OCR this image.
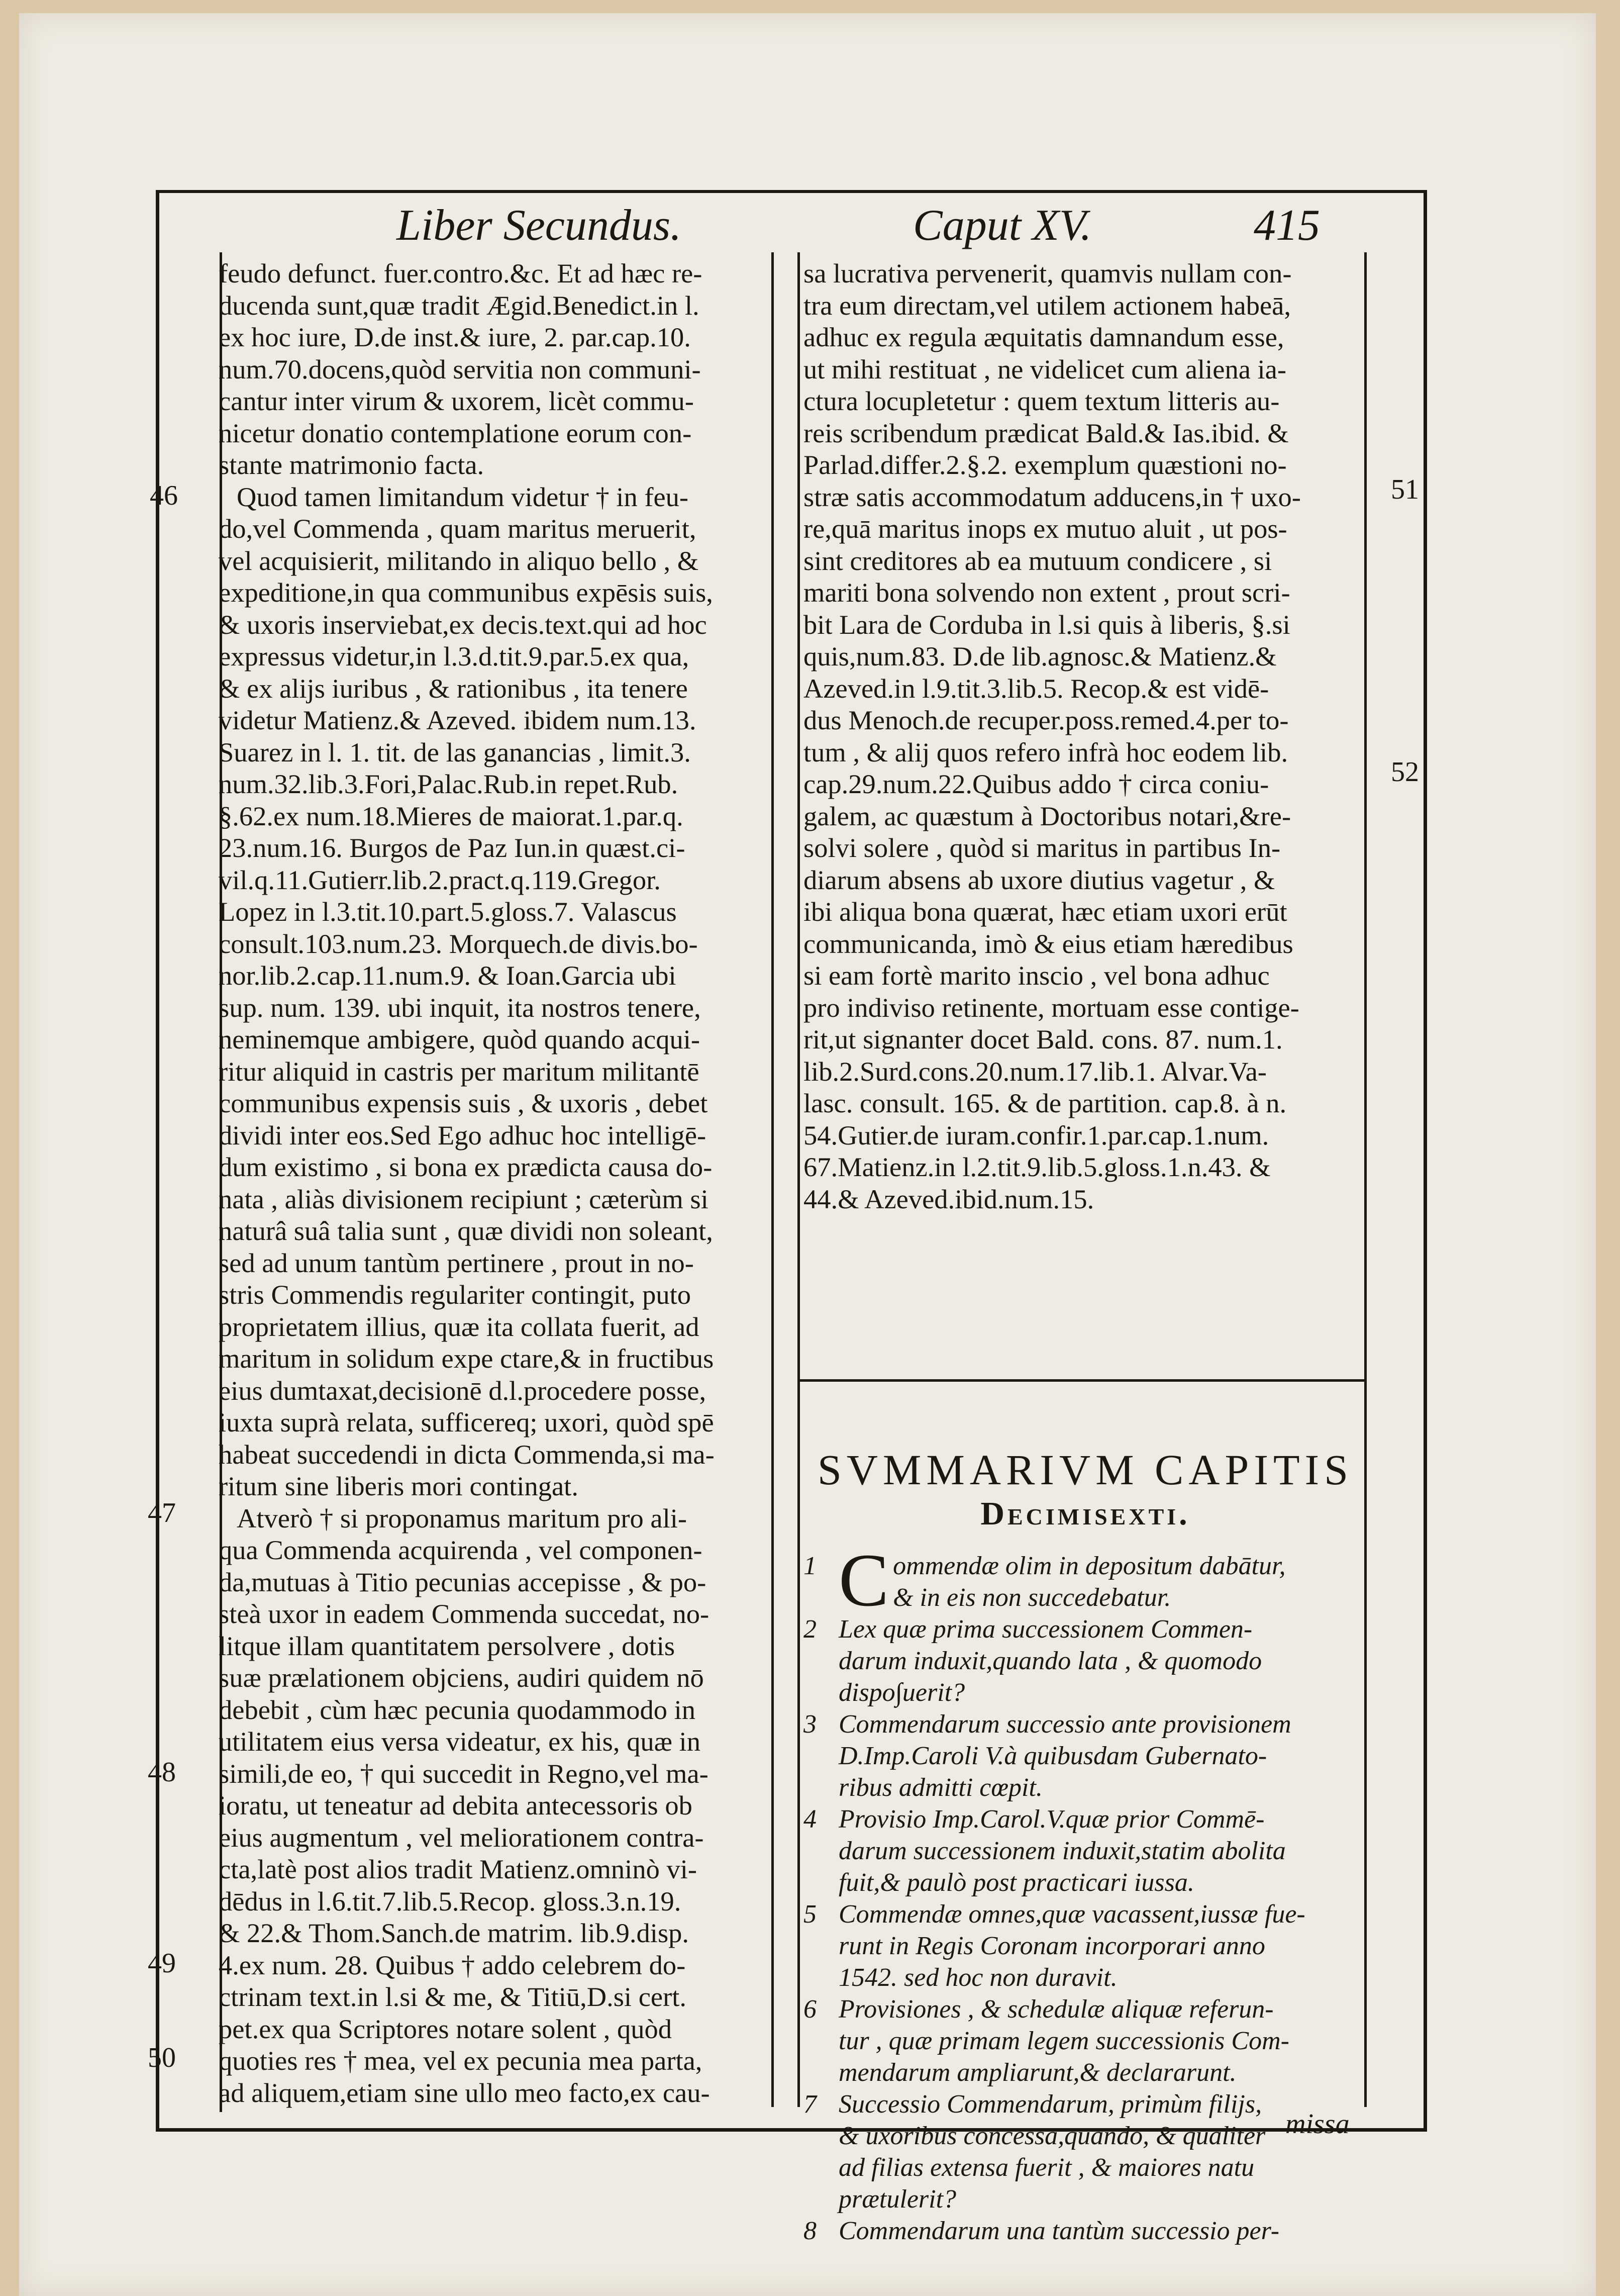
Liber Secundus.	Caput XV.	415
feudo defunct. fuer.contro.&c. Et ad hæc re-
ducenda sunt,quæ tradit Ægid.Benedict.in l.
ex hoc iure, D.de inst.& iure, 2. par.cap.10.
num.70.docens,quòd servitia non communi-
cantur inter virum & uxorem, licèt commu-
nicetur donatio contemplatione eorum con-
stante matrimonio facta.
Quod tamen limitandum videtur † in feu-
do,vel Commenda , quam maritus meruerit,
vel acquisierit, militando in aliquo bello , &
expeditione,in qua communibus expēsis suis,
& uxoris inserviebat,ex decis.text.qui ad hoc
expressus videtur,in l.3.d.tit.9.par.5.ex qua,
& ex alijs iuribus , & rationibus , ita tenere
videtur Matienz.& Azeved. ibidem num.13.
Suarez in l. 1. tit. de las ganancias , limit.3.
num.32.lib.3.Fori,Palac.Rub.in repet.Rub.
§.62.ex num.18.Mieres de maiorat.1.par.q.
23.num.16. Burgos de Paz Iun.in quæst.ci-
vil.q.11.Gutierr.lib.2.pract.q.119.Gregor.
Lopez in l.3.tit.10.part.5.gloss.7. Valascus
consult.103.num.23. Morquech.de divis.bo-
nor.lib.2.cap.11.num.9. & Ioan.Garcia ubi
sup. num. 139. ubi inquit, ita nostros tenere,
neminemque ambigere, quòd quando acqui-
ritur aliquid in castris per maritum militantē
communibus expensis suis , & uxoris , debet
dividi inter eos.Sed Ego adhuc hoc intelligē-
dum existimo , si bona ex prædicta causa do-
nata , aliàs divisionem recipiunt ; cæterùm si
naturâ suâ talia sunt , quæ dividi non soleant,
sed ad unum tantùm pertinere , prout in no-
stris Commendis regulariter contingit, puto
proprietatem illius, quæ ita collata fuerit, ad
maritum in solidum expe ctare,& in fructibus
eius dumtaxat,decisionē d.l.procedere posse,
iuxta suprà relata, sufficereq; uxori, quòd spē
habeat succedendi in dicta Commenda,si ma-
ritum sine liberis mori contingat.
Atverò † si proponamus maritum pro ali-
qua Commenda acquirenda , vel componen-
da,mutuas à Titio pecunias accepisse , & po-
steà uxor in eadem Commenda succedat, no-
litque illam quantitatem persolvere , dotis
suæ prælationem objciens, audiri quidem nō
debebit , cùm hæc pecunia quodammodo in
utilitatem eius versa videatur, ex his, quæ in
simili,de eo, † qui succedit in Regno,vel ma-
ioratu, ut teneatur ad debita antecessoris ob
eius augmentum , vel meliorationem contra-
cta,latè post alios tradit Matienz.omninò vi-
dēdus in l.6.tit.7.lib.5.Recop. gloss.3.n.19.
& 22.& Thom.Sanch.de matrim. lib.9.disp.
4.ex num. 28. Quibus † addo celebrem do-
ctrinam text.in l.si & me, & Titiū,D.si cert.
pet.ex qua Scriptores notare solent , quòd
quoties res † mea, vel ex pecunia mea parta,
ad aliquem,etiam sine ullo meo facto,ex cau-
sa lucrativa pervenerit, quamvis nullam con-
tra eum directam,vel utilem actionem habeā,
adhuc ex regula æquitatis damnandum esse,
ut mihi restituat , ne videlicet cum aliena ia-
ctura locupletetur : quem textum litteris au-
reis scribendum prædicat Bald.& Ias.ibid. &
Parlad.differ.2.§.2. exemplum quæstioni no-
stræ satis accommodatum adducens,in † uxo-
re,quā maritus inops ex mutuo aluit , ut pos-
sint creditores ab ea mutuum condicere , si
mariti bona solvendo non extent , prout scri-
bit Lara de Corduba in l.si quis à liberis, §.si
quis,num.83. D.de lib.agnosc.& Matienz.&
Azeved.in l.9.tit.3.lib.5. Recop.& est vidē-
dus Menoch.de recuper.poss.remed.4.per to-
tum , & alij quos refero infrà hoc eodem lib.
cap.29.num.22.Quibus addo † circa coniu-
galem, ac quæstum à Doctoribus notari,&re-
solvi solere , quòd si maritus in partibus In-
diarum absens ab uxore diutius vagetur , &
ibi aliqua bona quærat, hæc etiam uxori erūt
communicanda, imò & eius etiam hæredibus
si eam fortè marito inscio , vel bona adhuc
pro indiviso retinente, mortuam esse contige-
rit,ut signanter docet Bald. cons. 87. num.1.
lib.2.Surd.cons.20.num.17.lib.1. Alvar.Va-
lasc. consult. 165. & de partition. cap.8. à n.
54.Gutier.de iuram.confir.1.par.cap.1.num.
67.Matienz.in l.2.tit.9.lib.5.gloss.1.n.43. &
44.& Azeved.ibid.num.15.
SVMMARIVM CAPITIS
Decimisexti.
1 C ommendæ olim in depositum dabātur,
& in eis non succedebatur.
2 Lex quæ prima successionem Commen-
darum induxit,quando lata , & quomodo
dispo∫uerit?
3 Commendarum successio ante provisionem
D.Imp.Caroli V.à quibusdam Gubernato-
ribus admitti cœpit.
4 Provisio Imp.Carol.V.quæ prior Commē-
darum successionem induxit,statim abolita
fuit,& paulò post practicari iussa.
5 Commendæ omnes,quæ vacassent,iussæ fue-
runt in Regis Coronam incorporari anno
1542. sed hoc non duravit.
6 Provisiones , & schedulæ aliquæ referun-
tur , quæ primam legem successionis Com-
mendarum ampliarunt,& declararunt.
7 Successio Commendarum, primùm filijs,
& uxoribus concessa,quando, & qualiter
ad filias extensa fuerit , & maiores natu
prætulerit?
8 Commendarum una tantùm successio per-
46
47
48
49
50
51
52
missa
